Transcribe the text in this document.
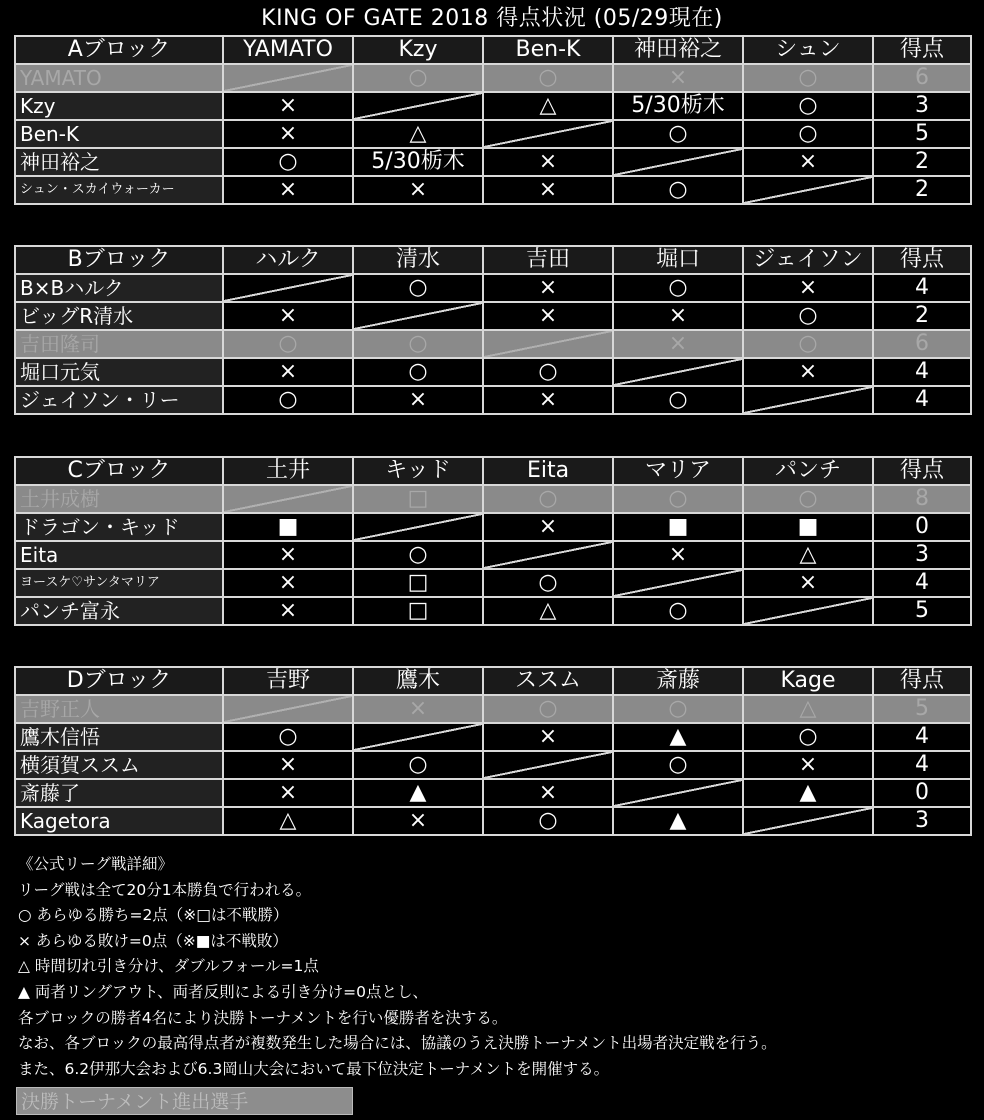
KING OF GATE 2018 得点状況 (05/29現在)
Aブロック	YAMATO	Kzy	Ben-K	神田裕之	シュン	得点
YAMATO		○	○	×	○	6
Kzy	×		△	5/30栃木	○	3
Ben-K	×	△		○	○	5
神田裕之	○	5/30栃木	×		×	2
シュン・スカイウォーカー	×	×	×	○		2
Bブロック	ハルク	清水	吉田	堀口	ジェイソン	得点
B×Bハルク		○	×	○	×	4
ビッグR清水	×		×	×	○	2
吉田隆司	○	○		×	○	6
堀口元気	×	○	○		×	4
ジェイソン・リー	○	×	×	○		4
Cブロック	土井	キッド	Eita	マリア	パンチ	得点
土井成樹		□	○	○	○	8
ドラゴン・キッド	■		×	■	■	0
Eita	×	○		×	△	3
ヨースケ♡サンタマリア	×	□	○		×	4
パンチ富永	×	□	△	○		5
Dブロック	吉野	鷹木	ススム	斎藤	Kage	得点
吉野正人		×	○	○	△	5
鷹木信悟	○		×	▲	○	4
横須賀ススム	×	○		○	×	4
斎藤了	×	▲	×		▲	0
Kagetora	△	×	○	▲		3
《公式リーグ戦詳細》
リーグ戦は全て20分1本勝負で行われる。
○ あらゆる勝ち=2点（※□は不戦勝）
× あらゆる敗け=0点（※■は不戦敗）
△ 時間切れ引き分け、ダブルフォール=1点
▲ 両者リングアウト、両者反則による引き分け=0点とし、
各ブロックの勝者4名により決勝トーナメントを行い優勝者を決する。
なお、各ブロックの最高得点者が複数発生した場合には、協議のうえ決勝トーナメント出場者決定戦を行う。
また、6.2伊那大会および6.3岡山大会において最下位決定トーナメントを開催する。
決勝トーナメント進出選手
